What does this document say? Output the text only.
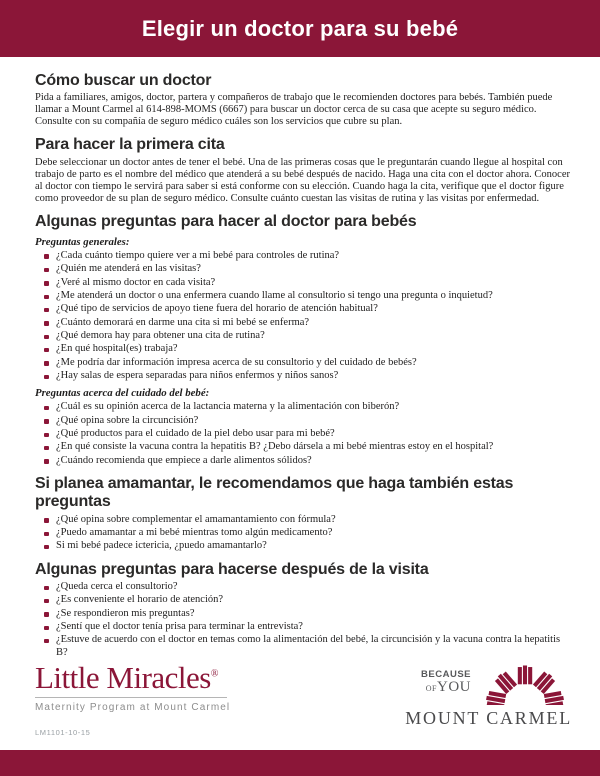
Elegir un doctor para su bebé
Cómo buscar un doctor

Pida a familiares, amigos, doctor, partera y compañeros de trabajo que le recomienden doctores para bebés. También puede llamar a Mount Carmel al 614-898-MOMS (6667) para buscar un doctor cerca de su casa que acepte su seguro médico. Consulte con su compañía de seguro médico cuáles son los servicios que cubre su plan.

Para hacer la primera cita

Debe seleccionar un doctor antes de tener el bebé. Una de las primeras cosas que le preguntarán cuando llegue al hospital con trabajo de parto es el nombre del médico que atenderá a su bebé después de nacido. Haga una cita con el doctor ahora. Conocer al doctor con tiempo le servirá para saber si está conforme con su elección. Cuando haga la cita, verifique que el doctor figure como proveedor de su plan de seguro médico. Consulte cuánto cuestan las visitas de rutina y las visitas por enfermedad.

Algunas preguntas para hacer al doctor para bebés
Preguntas generales:
¿Cada cuánto tiempo quiere ver a mi bebé para controles de rutina?
¿Quién me atenderá en las visitas?
¿Veré al mismo doctor en cada visita?
¿Me atenderá un doctor o una enfermera cuando llame al consultorio si tengo una pregunta o inquietud?
¿Qué tipo de servicios de apoyo tiene fuera del horario de atención habitual?
¿Cuánto demorará en darme una cita si mi bebé se enferma?
¿Qué demora hay para obtener una cita de rutina?
¿En qué hospital(es) trabaja?
¿Me podría dar información impresa acerca de su consultorio y del cuidado de bebés?
¿Hay salas de espera separadas para niños enfermos y niños sanos?
Preguntas acerca del cuidado del bebé:
¿Cuál es su opinión acerca de la lactancia materna y la alimentación con biberón?
¿Qué opina sobre la circuncisión?
¿Qué productos para el cuidado de la piel debo usar para mi bebé?
¿En qué consiste la vacuna contra la hepatitis B? ¿Debo dársela a mi bebé mientras estoy en el hospital?
¿Cuándo recomienda que empiece a darle alimentos sólidos?
Si planea amamantar, le recomendamos que haga también estas preguntas
¿Qué opina sobre complementar el amamantamiento con fórmula?
¿Puedo amamantar a mi bebé mientras tomo algún medicamento?
Si mi bebé padece ictericia, ¿puedo amamantarlo?
Algunas preguntas para hacerse después de la visita
¿Queda cerca el consultorio?
¿Es conveniente el horario de atención?
¿Se respondieron mis preguntas?
¿Sentí que el doctor tenía prisa para terminar la entrevista?
¿Estuve de acuerdo con el doctor en temas como la alimentación del bebé, la circuncisión y la vacuna contra la hepatitis B?
Little Miracles®
Maternity Program at Mount Carmel
BECAUSE
OFYOU
MOUNT CARMEL
LM1101-10-15
